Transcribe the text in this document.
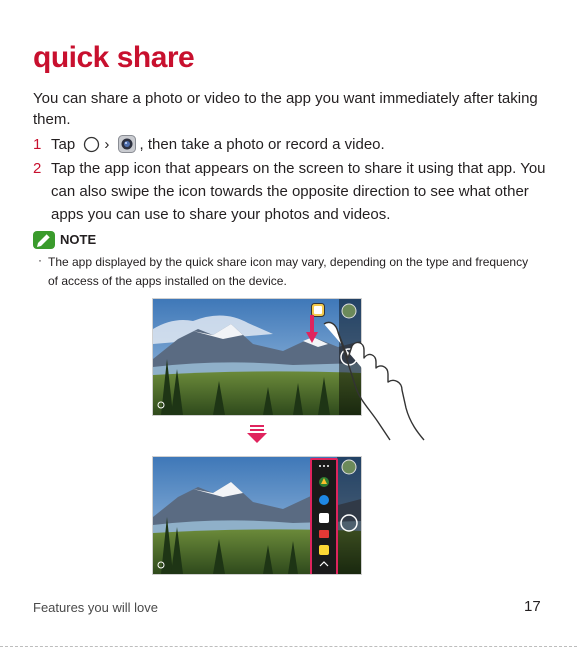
quick share

You can share a photo or video to the app you want immediately after taking them.

1 Tap › , then take a photo or record a video.
2 Tap the app icon that appears on the screen to share it using that app. You can also swipe the icon towards the opposite direction to see what other apps you can use to share your photos and videos.
NOTE
· The app displayed by the quick share icon may vary, depending on the type and frequency of access of the apps installed on the device.
Features you will love	17
